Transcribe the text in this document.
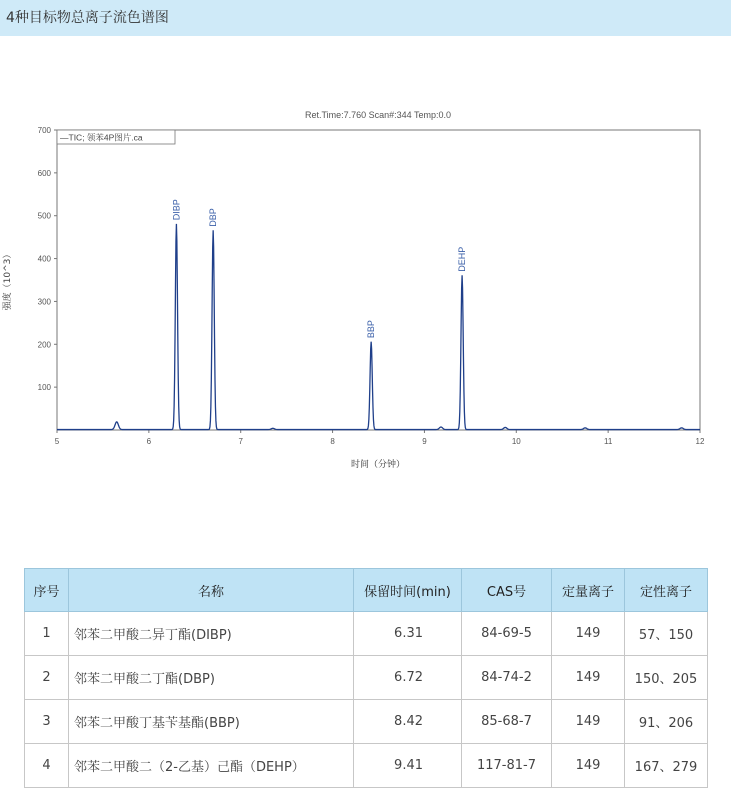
4种目标物总离子流色谱图
Ret.Time:7.760 Scan#:344 Temp:0.0
—TIC; 领苯4P图片.ca
强度（10^3）
时间（分钟）
5	6	7	8	9	10	11	12
100
200
300
400
500
600
700
DIBP	DBP
BBP
DEHP
序号	名称	保留时间(min)	CAS号	定量离子	定性离子
1	邻苯二甲酸二异丁酯(DIBP)	6.31	84-69-5	149	57、150
2	邻苯二甲酸二丁酯(DBP)	6.72	84-74-2	149	150、205
3	邻苯二甲酸丁基苄基酯(BBP)	8.42	85-68-7	149	91、206
4	邻苯二甲酸二（2-乙基）己酯（DEHP）	9.41	117-81-7	149	167、279
